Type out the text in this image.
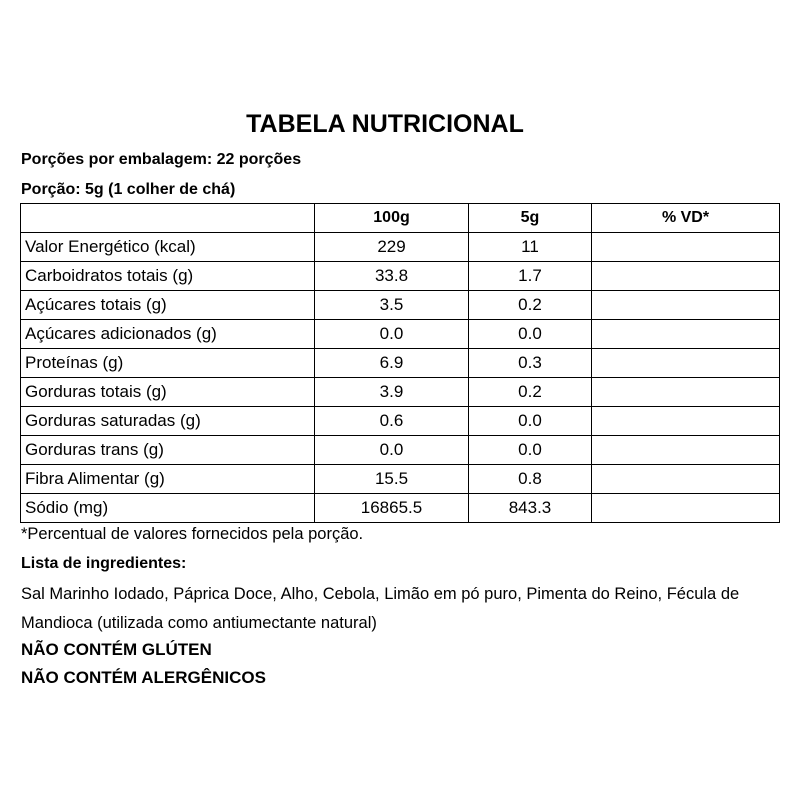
TABELA NUTRICIONAL
Porções por embalagem: 22 porções
Porção: 5g (1 colher de chá)
	100g	5g	% VD*
Valor Energético (kcal)	229	11	
Carboidratos totais (g)	33.8	1.7	
Açúcares totais (g)	3.5	0.2	
Açúcares adicionados (g)	0.0	0.0	
Proteínas (g)	6.9	0.3	
Gorduras totais (g)	3.9	0.2	
Gorduras saturadas (g)	0.6	0.0	
Gorduras trans (g)	0.0	0.0	
Fibra Alimentar (g)	15.5	0.8	
Sódio (mg)	16865.5	843.3	
*Percentual de valores fornecidos pela porção.
Lista de ingredientes:
Sal Marinho Iodado, Páprica Doce, Alho, Cebola, Limão em pó puro, Pimenta do Reino, Fécula de Mandioca (utilizada como antiumectante natural)
NÃO CONTÉM GLÚTEN
NÃO CONTÉM ALERGÊNICOS
